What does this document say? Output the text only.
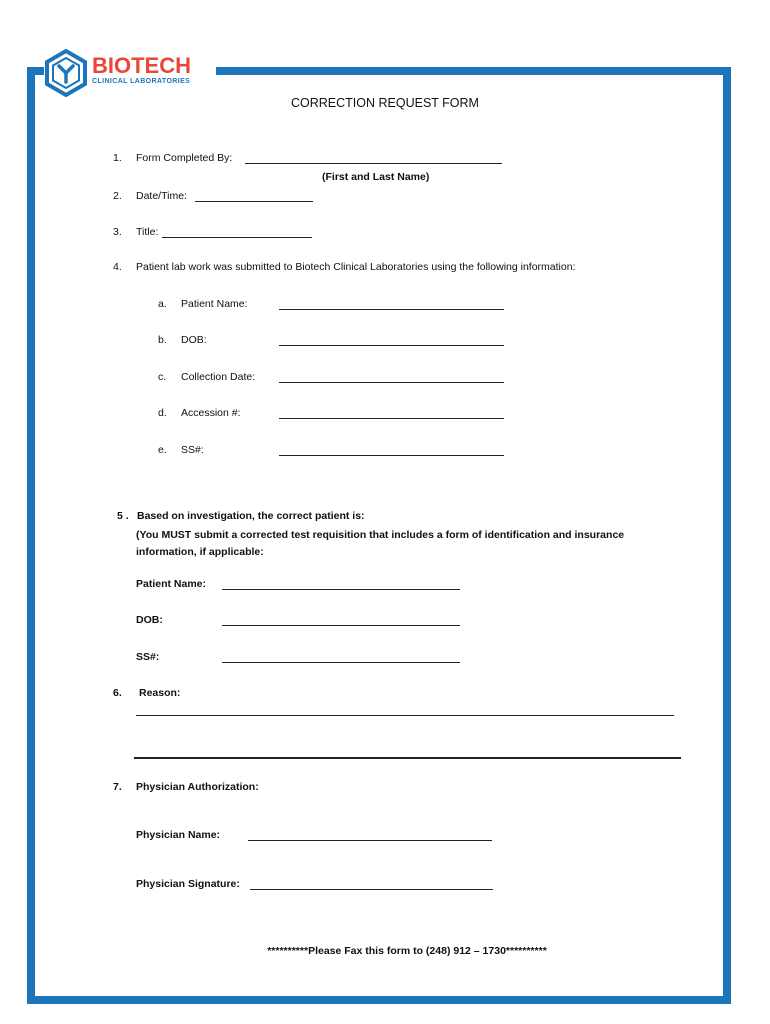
BIOTECH
CLINICAL LABORATORIES
CORRECTION REQUEST FORM
1. Form Completed By:
(First and Last Name)
2. Date/Time:
3. Title:
4. Patient lab work was submitted to Biotech Clinical Laboratories using the following information:
a. Patient Name:
b. DOB:
c. Collection Date:
d. Accession #:
e. SS#:
5 . Based on investigation, the correct patient is:
(You MUST submit a corrected test requisition that includes a form of identification and insurance
information, if applicable:
Patient Name:
DOB:
SS#:
6. Reason:
7. Physician Authorization:
Physician Name:
Physician Signature:
**********Please Fax this form to (248) 912 – 1730**********
